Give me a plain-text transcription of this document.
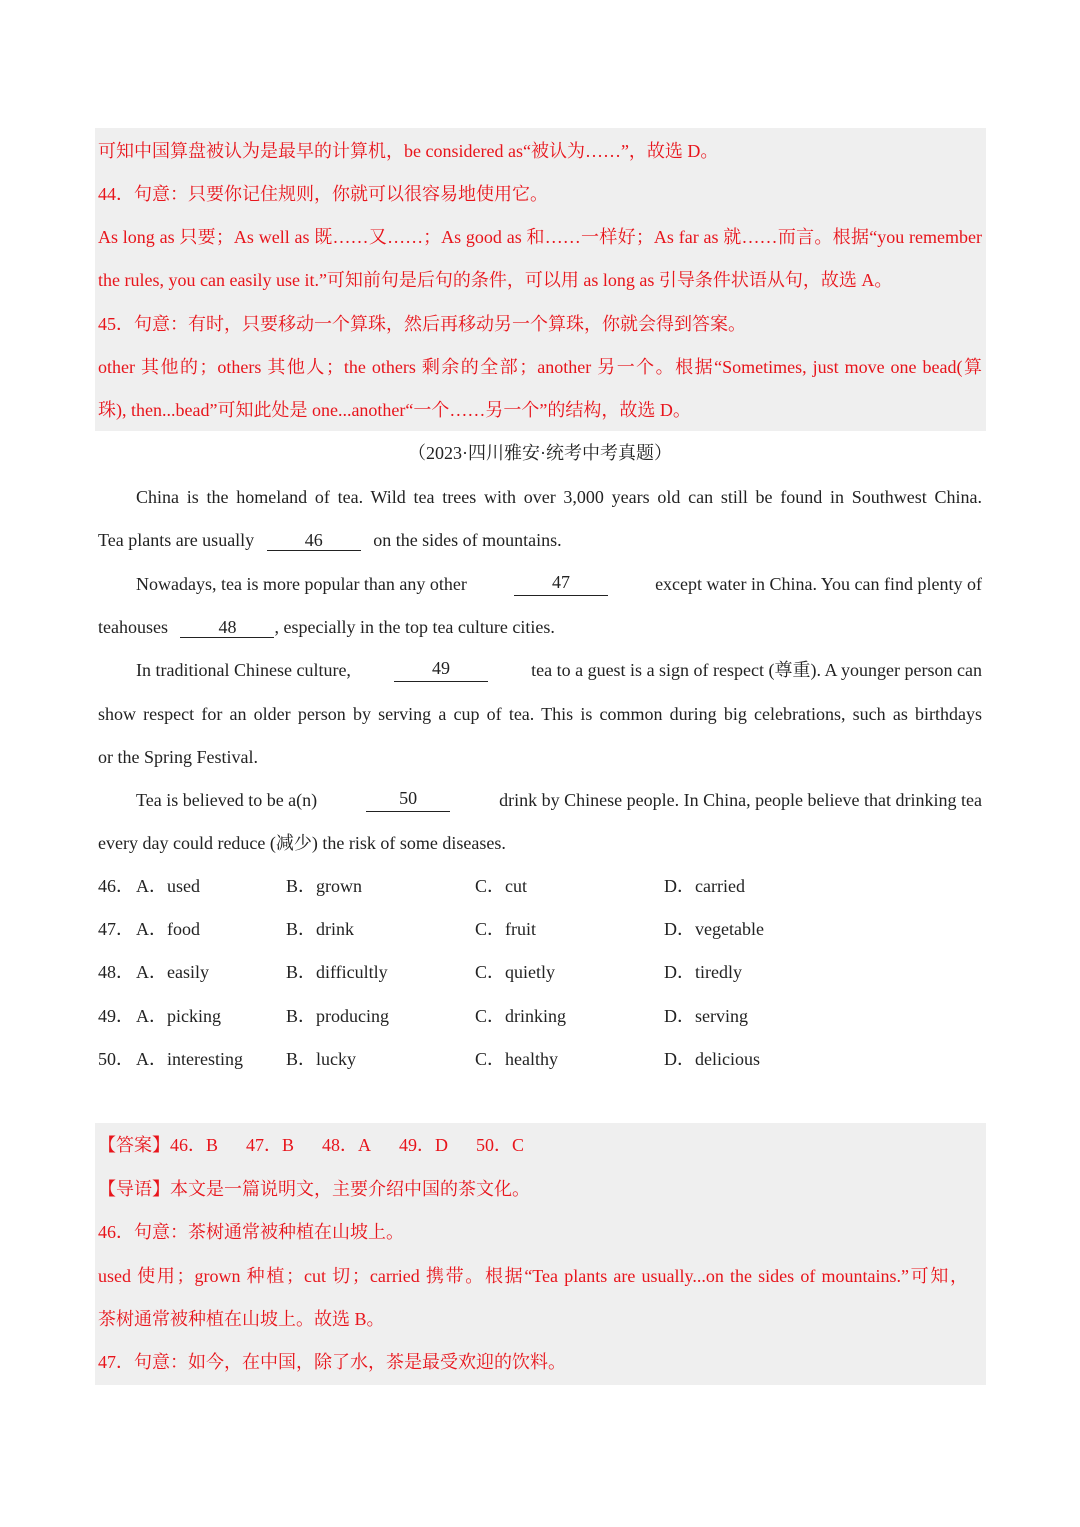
可知中国算盘被认为是最早的计算机，be considered as“被认为……”，故选 D。
44．句意：只要你记住规则，你就可以很容易地使用它。
As long as 只要；As well as 既……又……；As good as 和……一样好；As far as 就……而言。根据“you remember
the rules, you can easily use it.”可知前句是后句的条件，可以用 as long as 引导条件状语从句，故选 A。
45．句意：有时，只要移动一个算珠，然后再移动另一个算珠，你就会得到答案。
other 其他的；others 其他人；the others 剩余的全部；another 另一个。根据“Sometimes, just move one bead(算
珠), then...bead”可知此处是 one...another“一个……另一个”的结构，故选 D。
（2023·四川雅安·统考中考真题）
China is the homeland of tea. Wild tea trees with over 3,000 years old can still be found in Southwest China.
Tea plants are usually	46	on the sides of mountains.
Nowadays, tea is more popular than any other	47	except water in China. You can find plenty of
teahouses	48 , especially in the top tea culture cities.
In traditional Chinese culture,	49	tea to a guest is a sign of respect (尊重). A younger person can
show respect for an older person by serving a cup of tea. This is common during big celebrations, such as birthdays
or the Spring Festival.
Tea is believed to be a(n)	50	drink by Chinese people. In China, people believe that drinking tea
every day could reduce (减少) the risk of some diseases.
46． A．used	B．grown	C．cut	D．carried
47． A．food	B．drink	C．fruit	D．vegetable
48． A．easily	B．difficultly	C．quietly	D．tiredly
49． A．picking	B．producing	C．drinking	D．serving
50． A．interesting B．lucky	C．healthy	D．delicious
【答案】46．B 47．B 48．A 49．D 50．C
【导语】本文是一篇说明文，主要介绍中国的茶文化。
46．句意：茶树通常被种植在山坡上。
used 使用；grown 种植；cut 切；carried 携带。根据“Tea plants are usually...on the sides of mountains.”可知，
茶树通常被种植在山坡上。故选 B。
47．句意：如今，在中国，除了水，茶是最受欢迎的饮料。
